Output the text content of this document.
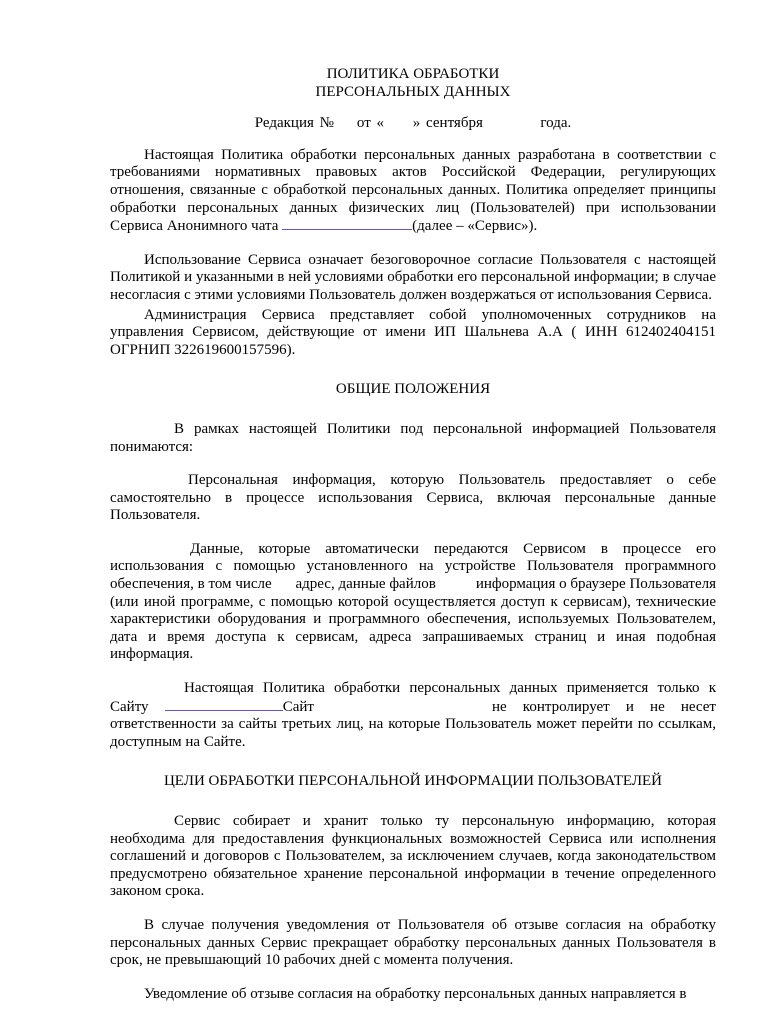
ПОЛИТИКА ОБРАБОТКИ
ПЕРСОНАЛЬНЫХ ДАННЫХ
Редакция №    от «     » сентября          года.

Настоящая Политика обработки персональных данных разработана в соответствии с требованиями нормативных правовых актов Российской Федерации, регулирующих отношения, связанные с обработкой персональных данных. Политика определяет принципы обработки персональных данных физических лиц (Пользователей) при использовании Сервиса Анонимного чата	(далее – «Сервис»).

Использование Сервиса означает безоговорочное согласие Пользователя с настоящей Политикой и указанными в ней условиями обработки его персональной информации; в случае несогласия с этими условиями Пользователь должен воздержаться от использования Сервиса.

Администрация Сервиса представляет собой уполномоченных сотрудников на управления Сервисом, действующие от имени ИП Шальнева А.А ( ИНН 612402404151 ОГРНИП 322619600157596).

ОБЩИЕ ПОЛОЖЕНИЯ

В рамках настоящей Политики под персональной информацией Пользователя понимаются:

Персональная информация, которую Пользователь предоставляет о себе самостоятельно в процессе использования Сервиса, включая персональные данные Пользователя.

Данные, которые автоматически передаются Сервисом в процессе его использования с помощью установленного на устройстве Пользователя программного обеспечения, в том числе адрес, данные файлов	информация о браузере Пользователя (или иной программе, с помощью которой осуществляется доступ к сервисам), технические характеристики оборудования и программного обеспечения, используемых Пользователем, дата и время доступа к сервисам, адреса запрашиваемых страниц и иная подобная информация.

Настоящая Политика обработки персональных данных применяется только к Сайту	Сайт	не контролирует и не несет ответственности за сайты третьих лиц, на которые Пользователь может перейти по ссылкам, доступным на Сайте.

ЦЕЛИ ОБРАБОТКИ ПЕРСОНАЛЬНОЙ ИНФОРМАЦИИ ПОЛЬЗОВАТЕЛЕЙ

Сервис собирает и хранит только ту персональную информацию, которая необходима для предоставления функциональных возможностей Сервиса или исполнения соглашений и договоров с Пользователем, за исключением случаев, когда законодательством предусмотрено обязательное хранение персональной информации в течение определенного законом срока.

В случае получения уведомления от Пользователя об отзыве согласия на обработку персональных данных Сервис прекращает обработку персональных данных Пользователя в срок, не превышающий 10 рабочих дней с момента получения.

Уведомление об отзыве согласия на обработку персональных данных направляется в
